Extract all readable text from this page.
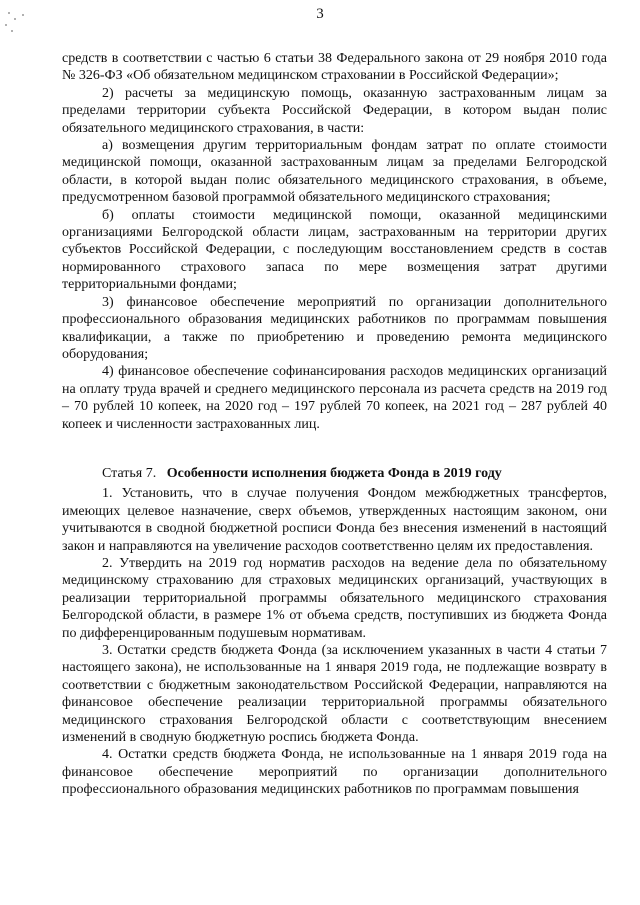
3

средств в соответствии с частью 6 статьи 38 Федерального закона от 29 ноября 2010 года № 326-ФЗ «Об обязательном медицинском страховании в Российской Федерации»;

2) расчеты за медицинскую помощь, оказанную застрахованным лицам за пределами территории субъекта Российской Федерации, в котором выдан полис обязательного медицинского страхования, в части:

а) возмещения другим территориальным фондам затрат по оплате стоимости медицинской помощи, оказанной застрахованным лицам за пределами Белгородской области, в которой выдан полис обязательного медицинского страхования, в объеме, предусмотренном базовой программой обязательного медицинского страхования;

б) оплаты стоимости медицинской помощи, оказанной медицинскими организациями Белгородской области лицам, застрахованным на территории других субъектов Российской Федерации, с последующим восстановлением средств в состав нормированного страхового запаса по мере возмещения затрат другими территориальными фондами;

3) финансовое обеспечение мероприятий по организации дополнительного профессионального образования медицинских работников по программам повышения квалификации, а также по приобретению и проведению ремонта медицинского оборудования;

4) финансовое обеспечение софинансирования расходов медицинских организаций на оплату труда врачей и среднего медицинского персонала из расчета средств на 2019 год – 70 рублей 10 копеек, на 2020 год – 197 рублей 70 копеек, на 2021 год – 287 рублей 40 копеек и численности застрахованных лиц.

Статья 7. Особенности исполнения бюджета Фонда в 2019 году

1. Установить, что в случае получения Фондом межбюджетных трансфертов, имеющих целевое назначение, сверх объемов, утвержденных настоящим законом, они учитываются в сводной бюджетной росписи Фонда без внесения изменений в настоящий закон и направляются на увеличение расходов соответственно целям их предоставления.

2. Утвердить на 2019 год норматив расходов на ведение дела по обязательному медицинскому страхованию для страховых медицинских организаций, участвующих в реализации территориальной программы обязательного медицинского страхования Белгородской области, в размере 1% от объема средств, поступивших из бюджета Фонда по дифференцированным подушевым нормативам.

3. Остатки средств бюджета Фонда (за исключением указанных в части 4 статьи 7 настоящего закона), не использованные на 1 января 2019 года, не подлежащие возврату в соответствии с бюджетным законодательством Российской Федерации, направляются на финансовое обеспечение реализации территориальной программы обязательного медицинского страхования Белгородской области с соответствующим внесением изменений в сводную бюджетную роспись бюджета Фонда.

4. Остатки средств бюджета Фонда, не использованные на 1 января 2019 года на финансовое обеспечение мероприятий по организации дополнительного профессионального образования медицинских работников по программам повышения
